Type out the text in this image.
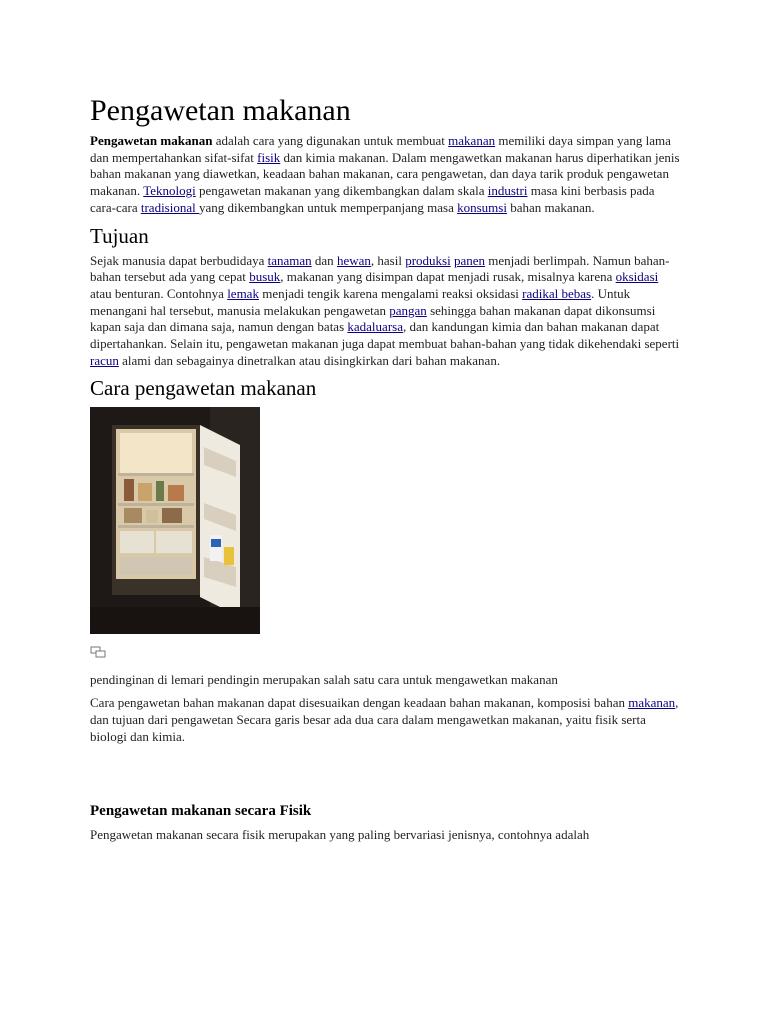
Pengawetan makanan

Pengawetan makanan adalah cara yang digunakan untuk membuat makanan memiliki daya simpan yang lama dan mempertahankan sifat-sifat fisik dan kimia makanan. Dalam mengawetkan makanan harus diperhatikan jenis bahan makanan yang diawetkan, keadaan bahan makanan, cara pengawetan, dan daya tarik produk pengawetan makanan. Teknologi pengawetan makanan yang dikembangkan dalam skala industri masa kini berbasis pada cara-cara tradisional yang dikembangkan untuk memperpanjang masa konsumsi bahan makanan.

Tujuan

Sejak manusia dapat berbudidaya tanaman dan hewan, hasil produksi panen menjadi berlimpah. Namun bahan-bahan tersebut ada yang cepat busuk, makanan yang disimpan dapat menjadi rusak, misalnya karena oksidasi atau benturan. Contohnya lemak menjadi tengik karena mengalami reaksi oksidasi radikal bebas. Untuk menangani hal tersebut, manusia melakukan pengawetan pangan sehingga bahan makanan dapat dikonsumsi kapan saja dan dimana saja, namun dengan batas kadaluarsa, dan kandungan kimia dan bahan makanan dapat dipertahankan. Selain itu, pengawetan makanan juga dapat membuat bahan-bahan yang tidak dikehendaki seperti racun alami dan sebagainya dinetralkan atau disingkirkan dari bahan makanan.

Cara pengawetan makanan

pendinginan di lemari pendingin merupakan salah satu cara untuk mengawetkan makanan

Cara pengawetan bahan makanan dapat disesuaikan dengan keadaan bahan makanan, komposisi bahan makanan, dan tujuan dari pengawetan Secara garis besar ada dua cara dalam mengawetkan makanan, yaitu fisik serta biologi dan kimia.

Pengawetan makanan secara Fisik

Pengawetan makanan secara fisik merupakan yang paling bervariasi jenisnya, contohnya adalah
